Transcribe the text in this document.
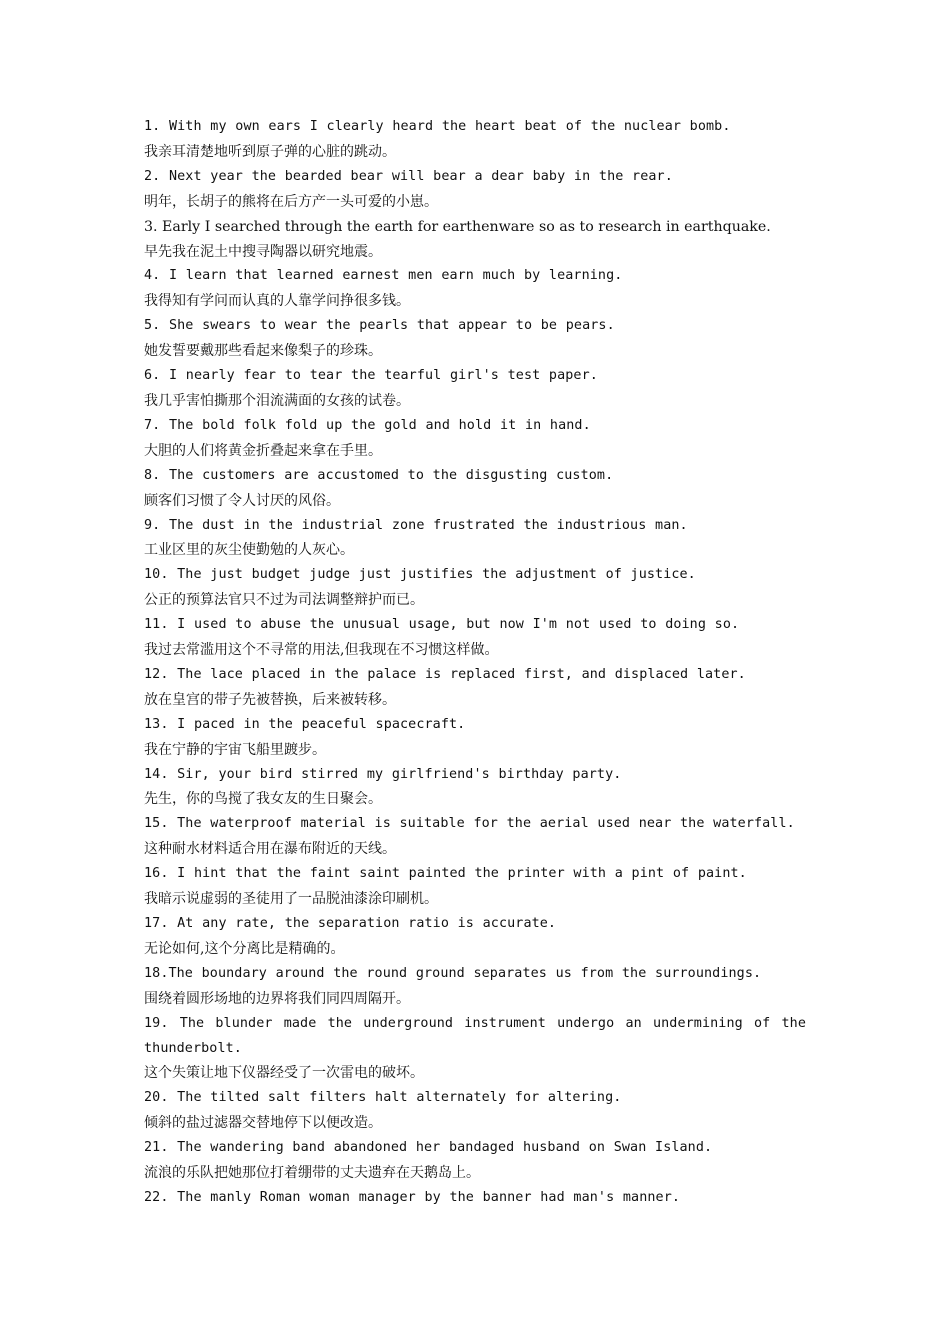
1. With my own ears I clearly heard the heart beat of the nuclear bomb.
我亲耳清楚地听到原子弹的心脏的跳动。
2. Next year the bearded bear will bear a dear baby in the rear.
明年，长胡子的熊将在后方产一头可爱的小崽。
3. Early I searched through the earth for earthenware so as to research in earthquake.
早先我在泥土中搜寻陶器以研究地震。
4. I learn that learned earnest men earn much by learning.
我得知有学问而认真的人靠学问挣很多钱。
5. She swears to wear the pearls that appear to be pears.
她发誓要戴那些看起来像梨子的珍珠。
6. I nearly fear to tear the tearful girl's test paper.
我几乎害怕撕那个泪流满面的女孩的试卷。
7. The bold folk fold up the gold and hold it in hand.
大胆的人们将黄金折叠起来拿在手里。
8. The customers are accustomed to the disgusting custom.
顾客们习惯了令人讨厌的风俗。
9. The dust in the industrial zone frustrated the industrious man.
工业区里的灰尘使勤勉的人灰心。
10. The just budget judge just justifies the adjustment of justice.
公正的预算法官只不过为司法调整辩护而已。
11. I used to abuse the unusual usage, but now I'm not used to doing so.
我过去常滥用这个不寻常的用法,但我现在不习惯这样做。
12. The lace placed in the palace is replaced first, and displaced later.
放在皇宫的带子先被替换，后来被转移。
13. I paced in the peaceful spacecraft.
我在宁静的宇宙飞船里踱步。
14. Sir, your bird stirred my girlfriend's birthday party.
先生，你的鸟搅了我女友的生日聚会。
15. The waterproof material is suitable for the aerial used near the waterfall.
这种耐水材料适合用在瀑布附近的天线。
16. I hint that the faint saint painted the printer with a pint of paint.
我暗示说虚弱的圣徒用了一品脱油漆涂印刷机。
17. At any rate, the separation ratio is accurate.
无论如何,这个分离比是精确的。
18.The boundary around the round ground separates us from the surroundings.
围绕着圆形场地的边界将我们同四周隔开。
19. The blunder made the underground instrument undergo an undermining of the thunderbolt.
这个失策让地下仪器经受了一次雷电的破坏。
20. The tilted salt filters halt alternately for altering.
倾斜的盐过滤器交替地停下以便改造。
21. The wandering band abandoned her bandaged husband on Swan Island.
流浪的乐队把她那位打着绷带的丈夫遗弃在天鹅岛上。
22. The manly Roman woman manager by the banner had man's manner.
